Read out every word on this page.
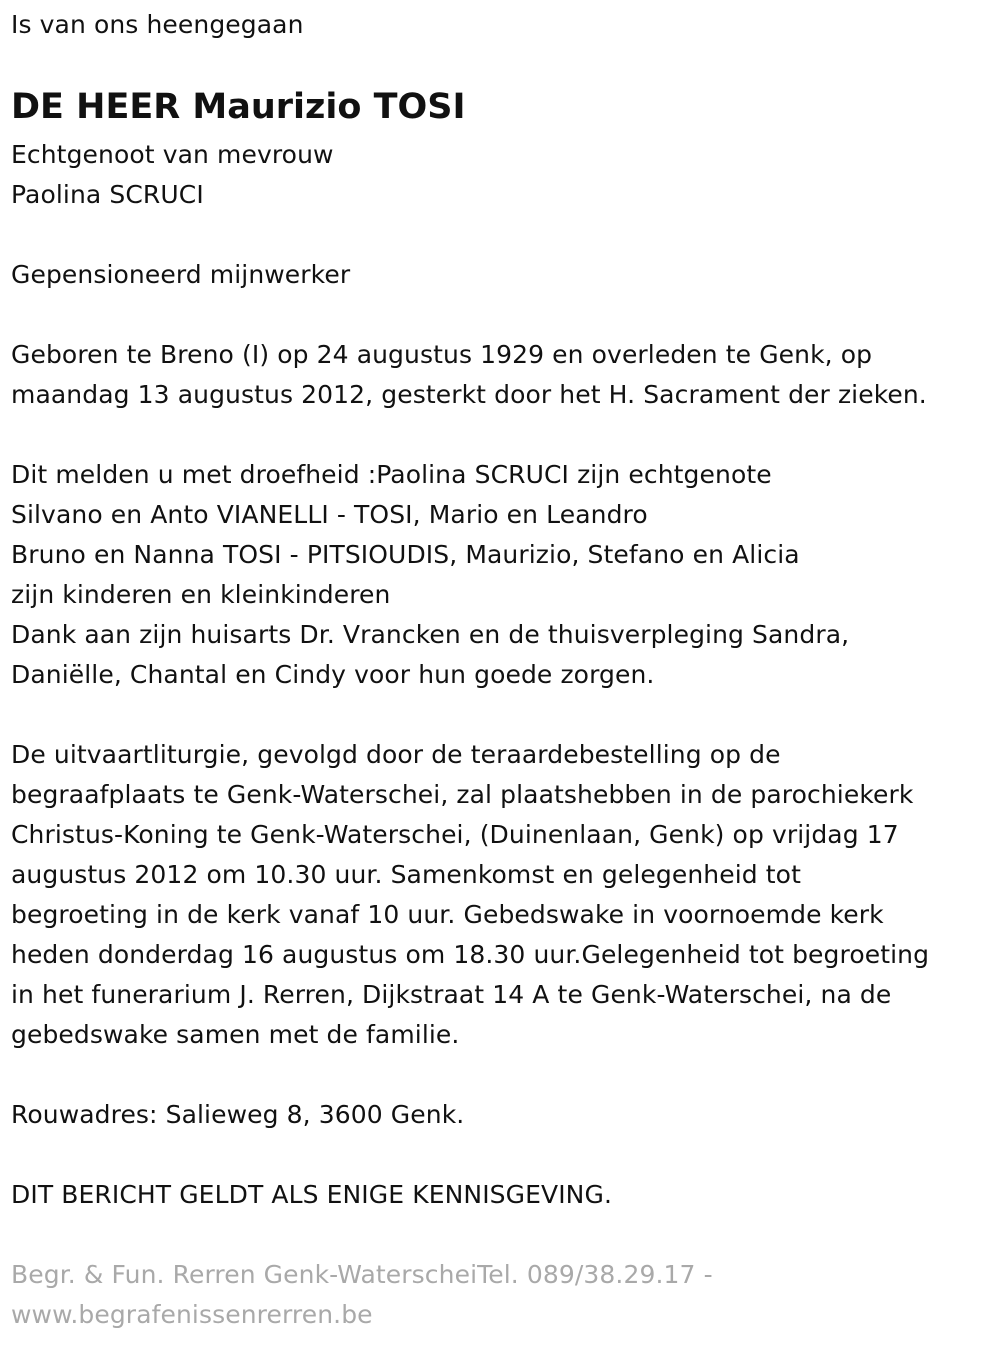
Is van ons heengegaan
DE HEER Maurizio TOSI
Echtgenoot van mevrouw
Paolina SCRUCI
Gepensioneerd mijnwerker
Geboren te Breno (I) op 24 augustus 1929 en overleden te Genk, op
maandag 13 augustus 2012, gesterkt door het H. Sacrament der zieken.
Dit melden u met droefheid :Paolina SCRUCI zijn echtgenote
Silvano en Anto VIANELLI - TOSI, Mario en Leandro
Bruno en Nanna TOSI - PITSIOUDIS, Maurizio, Stefano en Alicia
zijn kinderen en kleinkinderen
Dank aan zijn huisarts Dr. Vrancken en de thuisverpleging Sandra,
Daniëlle, Chantal en Cindy voor hun goede zorgen.
De uitvaartliturgie, gevolgd door de teraardebestelling op de
begraafplaats te Genk-Waterschei, zal plaatshebben in de parochiekerk
Christus-Koning te Genk-Waterschei, (Duinenlaan, Genk) op vrijdag 17
augustus 2012 om 10.30 uur. Samenkomst en gelegenheid tot
begroeting in de kerk vanaf 10 uur. Gebedswake in voornoemde kerk
heden donderdag 16 augustus om 18.30 uur.Gelegenheid tot begroeting
in het funerarium J. Rerren, Dijkstraat 14 A te Genk-Waterschei, na de
gebedswake samen met de familie.
Rouwadres: Salieweg 8, 3600 Genk.
DIT BERICHT GELDT ALS ENIGE KENNISGEVING.
Begr. & Fun. Rerren Genk-WaterscheiTel. 089/38.29.17 -
www.begrafenissenrerren.be
